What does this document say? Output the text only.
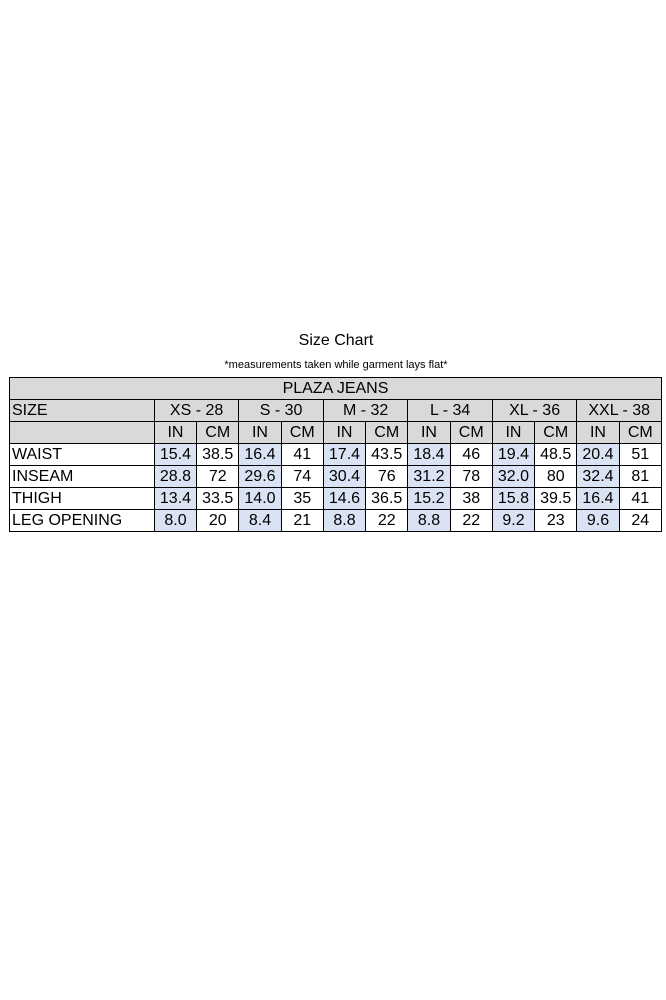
Size Chart
*measurements taken while garment lays flat*
PLAZA JEANS												
SIZE	XS - 28		S - 30		M - 32		L - 34		XL - 36		XXL - 38	
	IN	CM	IN	CM	IN	CM	IN	CM	IN	CM	IN	CM
WAIST	15.4	38.5	16.4	41	17.4	43.5	18.4	46	19.4	48.5	20.4	51
INSEAM	28.8	72	29.6	74	30.4	76	31.2	78	32.0	80	32.4	81
THIGH	13.4	33.5	14.0	35	14.6	36.5	15.2	38	15.8	39.5	16.4	41
LEG OPENING	8.0	20	8.4	21	8.8	22	8.8	22	9.2	23	9.6	24
